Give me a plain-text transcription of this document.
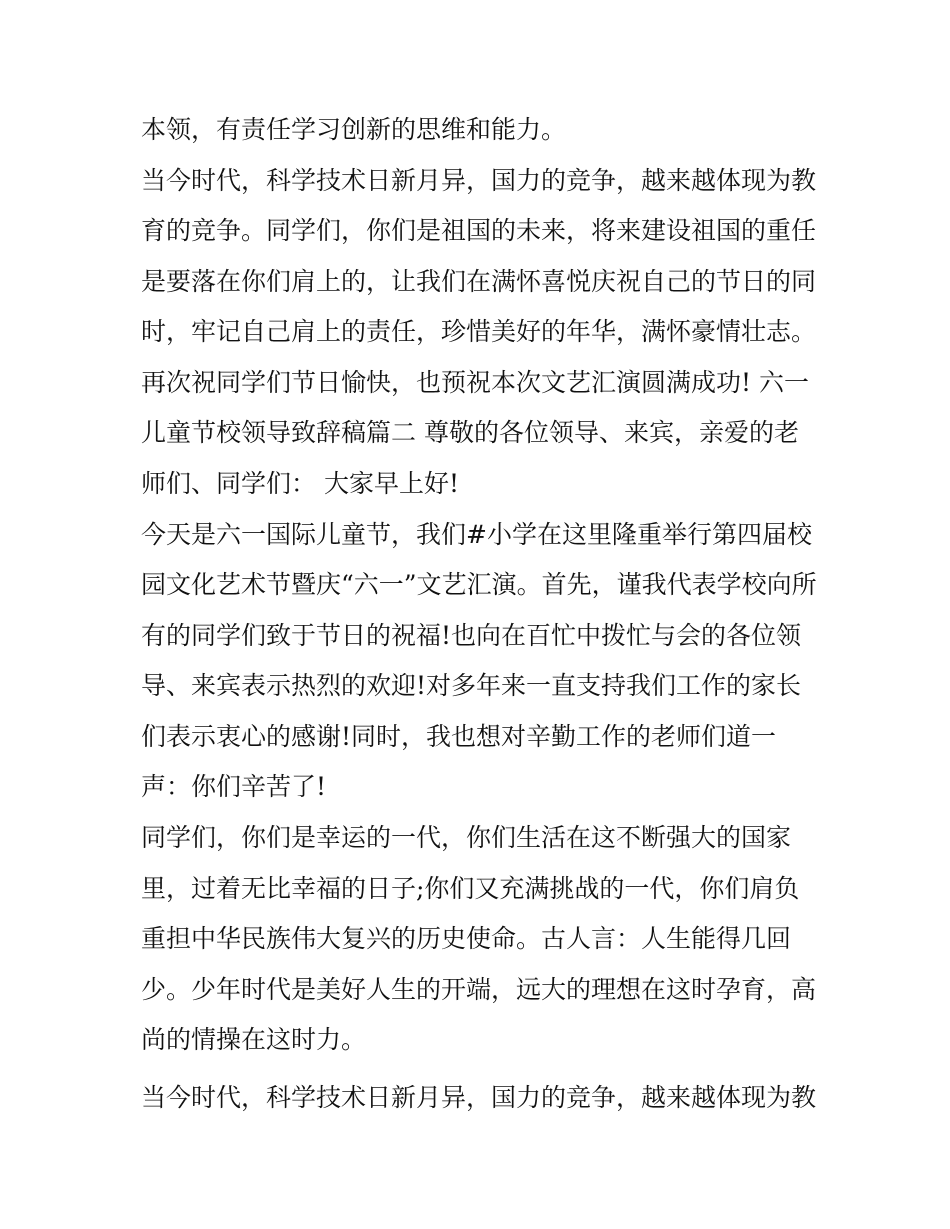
本领，有责任学习创新的思维和能力。
当今时代，科学技术日新月异，国力的竞争，越来越体现为教
育的竞争。同学们，你们是祖国的未来，将来建设祖国的重任
是要落在你们肩上的，让我们在满怀喜悦庆祝自己的节日的同
时，牢记自己肩上的责任，珍惜美好的年华，满怀豪情壮志。
再次祝同学们节日愉快，也预祝本次文艺汇演圆满成功! 六一
儿童节校领导致辞稿篇二 尊敬的各位领导、来宾，亲爱的老
师们、同学们： 大家早上好!
今天是六一国际儿童节，我们#小学在这里隆重举行第四届校
园文化艺术节暨庆“六一”文艺汇演。首先，谨我代表学校向所
有的同学们致于节日的祝福!也向在百忙中拨忙与会的各位领
导、来宾表示热烈的欢迎!对多年来一直支持我们工作的家长
们表示衷心的感谢!同时，我也想对辛勤工作的老师们道一
声：你们辛苦了!
同学们，你们是幸运的一代，你们生活在这不断强大的国家
里，过着无比幸福的日子;你们又充满挑战的一代，你们肩负
重担中华民族伟大复兴的历史使命。古人言：人生能得几回
少。少年时代是美好人生的开端，远大的理想在这时孕育，高
尚的情操在这时力。
当今时代，科学技术日新月异，国力的竞争，越来越体现为教
